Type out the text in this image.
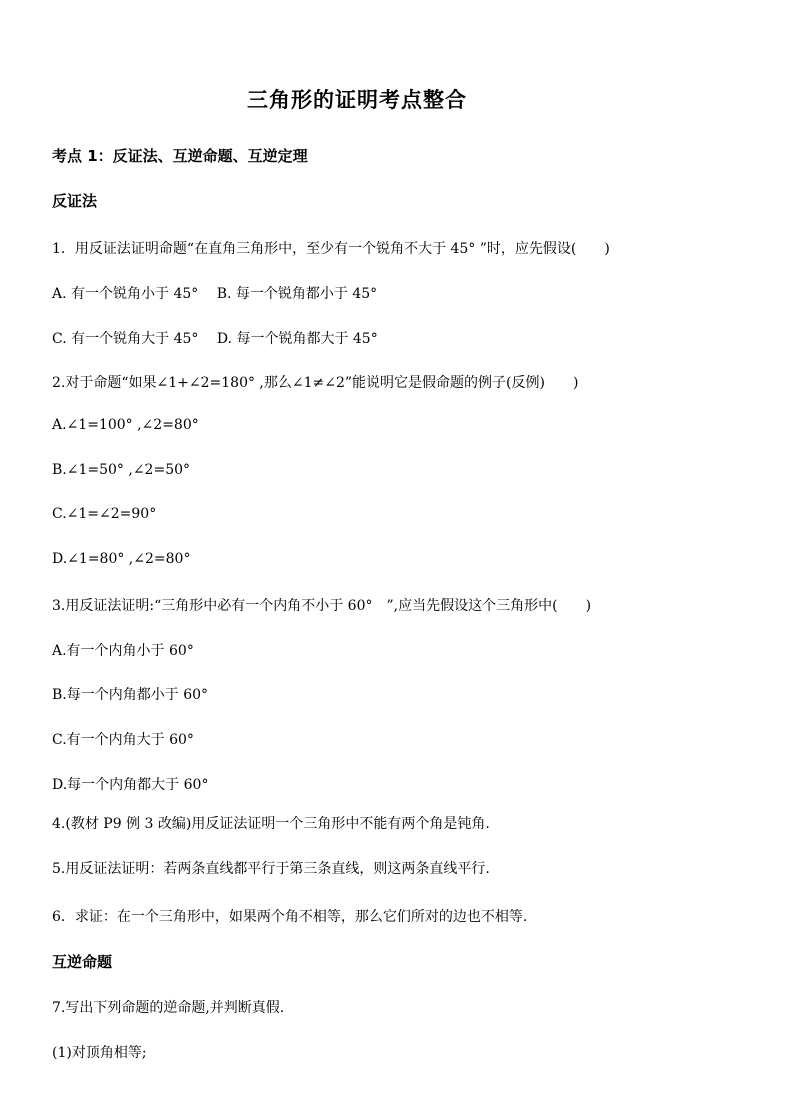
三角形的证明考点整合
考点 1：反证法、互逆命题、互逆定理
反证法
1．用反证法证明命题“在直角三角形中，至少有一个锐角不大于 45° ”时，应先假设(　　)
A. 有一个锐角小于 45°　 B. 每一个锐角都小于 45°
C. 有一个锐角大于 45°　 D. 每一个锐角都大于 45°
2.对于命题“如果∠1+∠2=180° ,那么∠1≠∠2”能说明它是假命题的例子(反例)　　)
A.∠1=100° ,∠2=80°
B.∠1=50° ,∠2=50°
C.∠1=∠2=90°
D.∠1=80° ,∠2=80°
3.用反证法证明:“三角形中必有一个内角不小于 60°　”,应当先假设这个三角形中(　　)
A.有一个内角小于 60°
B.每一个内角都小于 60°
C.有一个内角大于 60°
D.每一个内角都大于 60°
4.(教材 P9 例 3 改编)用反证法证明一个三角形中不能有两个角是钝角.
5.用反证法证明：若两条直线都平行于第三条直线，则这两条直线平行.
6．求证：在一个三角形中，如果两个角不相等，那么它们所对的边也不相等.
互逆命题
7.写出下列命题的逆命题,并判断真假.
(1)对顶角相等;
